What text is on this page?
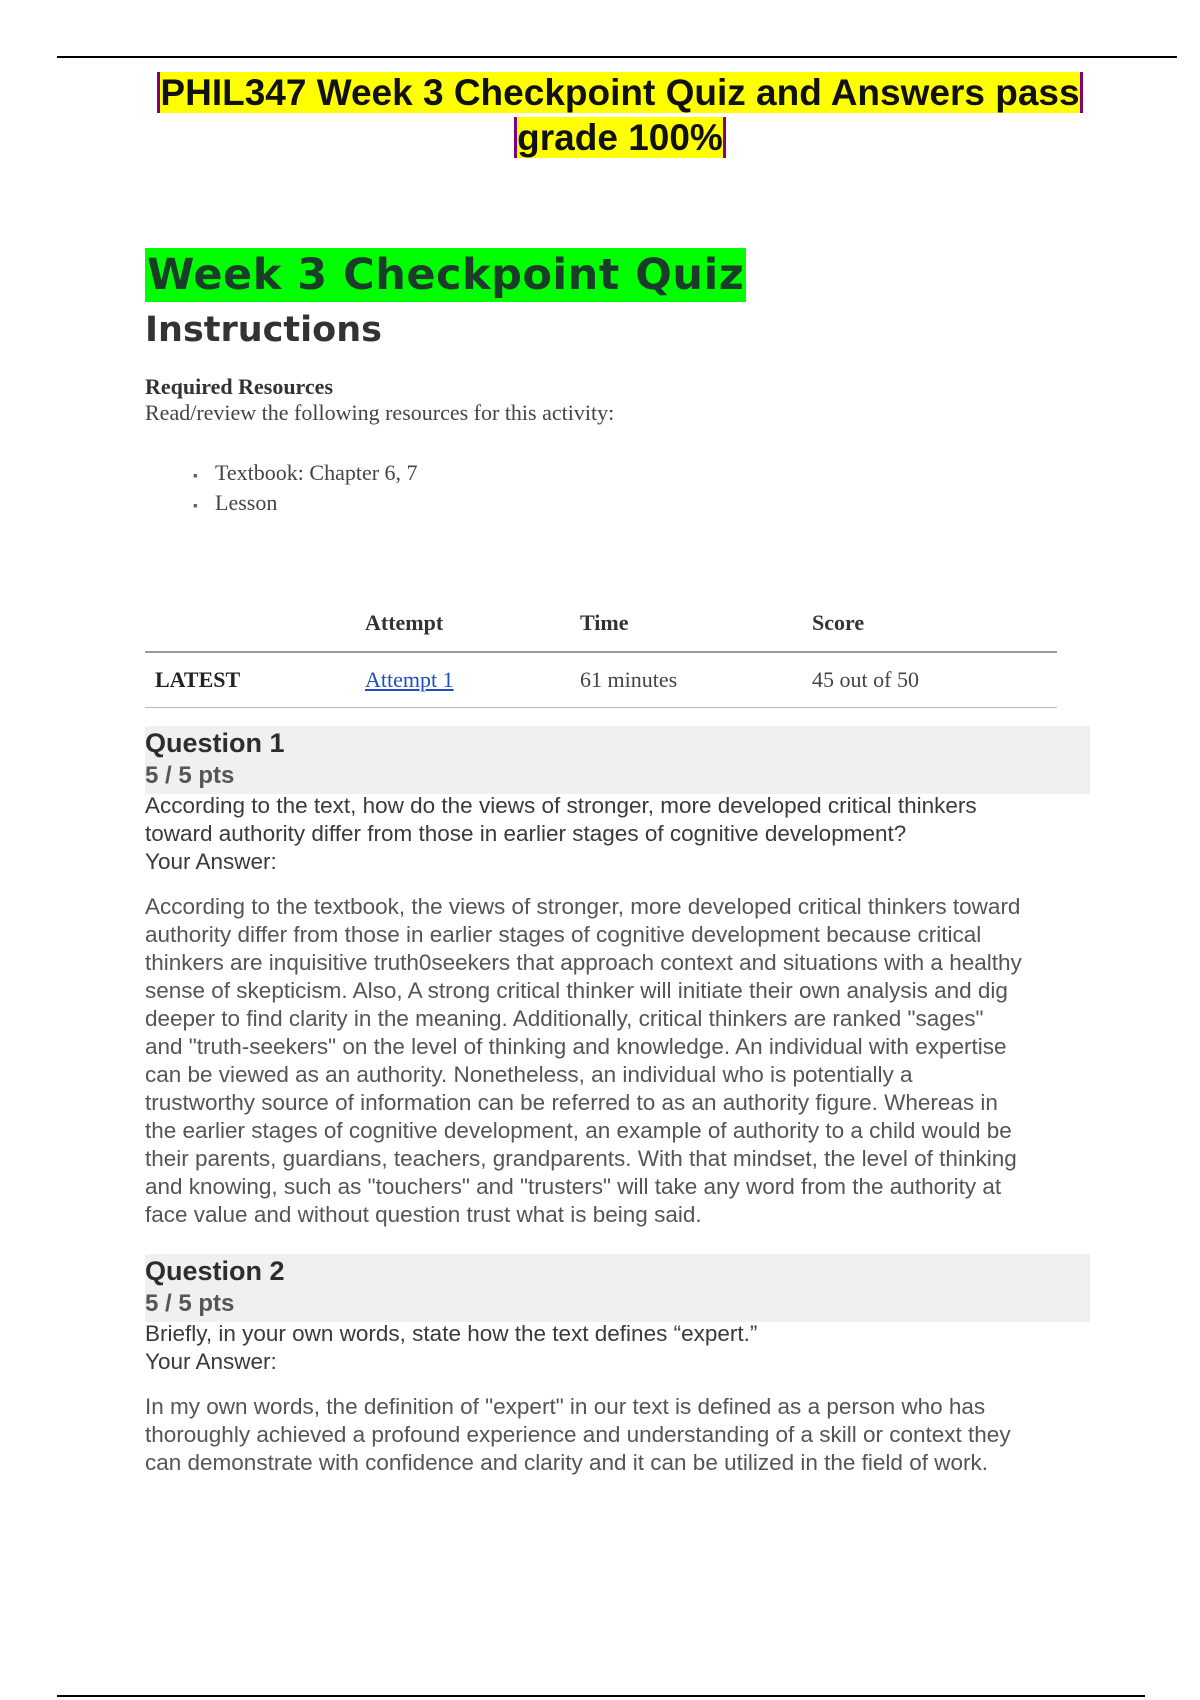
PHIL347 Week 3 Checkpoint Quiz and Answers pass
grade 100%
Week 3 Checkpoint Quiz
Instructions
Required Resources
Read/review the following resources for this activity:
▪ Textbook: Chapter 6, 7
▪ Lesson
	Attempt	Time	Score
LATEST	Attempt 1	61 minutes	45 out of 50
Question 1
5 / 5 pts
According to the text, how do the views of stronger, more developed critical thinkers
toward authority differ from those in earlier stages of cognitive development?
Your Answer:
According to the textbook, the views of stronger, more developed critical thinkers toward
authority differ from those in earlier stages of cognitive development because critical
thinkers are inquisitive truth0seekers that approach context and situations with a healthy
sense of skepticism. Also, A strong critical thinker will initiate their own analysis and dig
deeper to find clarity in the meaning. Additionally, critical thinkers are ranked "sages"
and "truth-seekers" on the level of thinking and knowledge. An individual with expertise
can be viewed as an authority. Nonetheless, an individual who is potentially a
trustworthy source of information can be referred to as an authority figure. Whereas in
the earlier stages of cognitive development, an example of authority to a child would be
their parents, guardians, teachers, grandparents. With that mindset, the level of thinking
and knowing, such as "touchers" and "trusters" will take any word from the authority at
face value and without question trust what is being said.
Question 2
5 / 5 pts
Briefly, in your own words, state how the text defines “expert.”
Your Answer:
In my own words, the definition of "expert" in our text is defined as a person who has
thoroughly achieved a profound experience and understanding of a skill or context they
can demonstrate with confidence and clarity and it can be utilized in the field of work.
